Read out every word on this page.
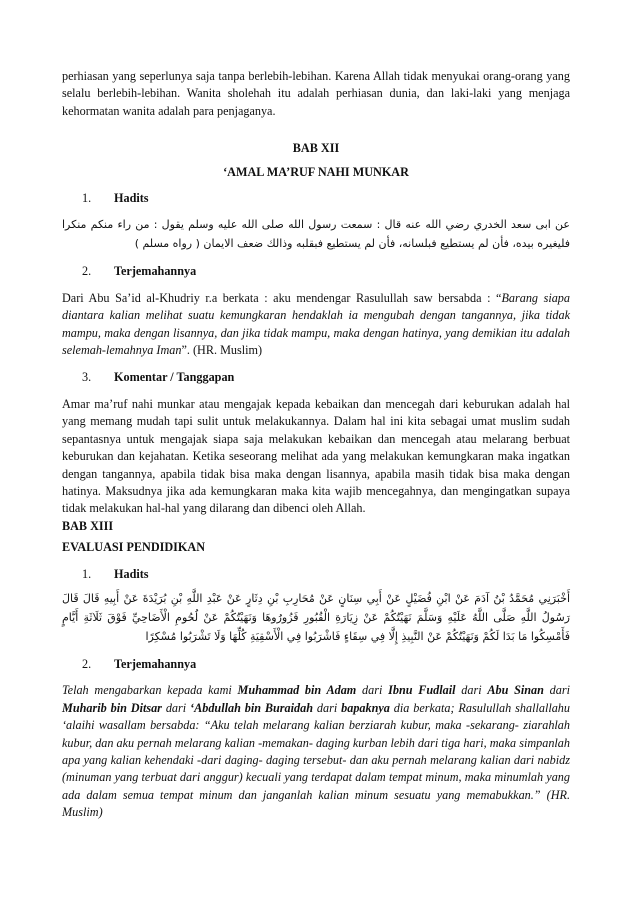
perhiasan yang seperlunya saja tanpa berlebih-lebihan. Karena Allah tidak menyukai orang-orang yang selalu berlebih-lebihan. Wanita sholehah itu adalah perhiasan dunia, dan laki-laki yang menjaga kehormatan wanita adalah para penjaganya.

BAB XII

‘AMAL MA’RUF NAHI MUNKAR

1.	Hadits

عن ابى سعد الخدري رضي الله عنه قال : سمعت رسول الله صلى الله عليه وسلم يقول : من راء منكم منكرا فليغيره بيده، فأن لم يستطيع فبلسانه، فأن لم يستطيع فبقلبه وذالك ضعف الايمان ( رواه مسلم )

2.	Terjemahannya

Dari Abu Sa’id al-Khudriy r.a berkata : aku mendengar Rasulullah saw bersabda : “Barang siapa diantara kalian melihat suatu kemungkaran hendaklah ia mengubah dengan tangannya, jika tidak mampu, maka dengan lisannya, dan jika tidak mampu, maka dengan hatinya, yang demikian itu adalah selemah-lemahnya Iman”. (HR. Muslim)

3.	Komentar / Tanggapan

Amar ma’ruf nahi munkar atau mengajak kepada kebaikan dan mencegah dari keburukan adalah hal yang memang mudah tapi sulit untuk melakukannya. Dalam hal ini kita sebagai umat muslim sudah sepantasnya untuk mengajak siapa saja melakukan kebaikan dan mencegah atau melarang berbuat keburukan dan kejahatan. Ketika seseorang melihat ada yang melakukan kemungkaran maka ingatkan dengan tangannya, apabila tidak bisa maka dengan lisannya, apabila masih tidak bisa maka dengan hatinya. Maksudnya jika ada kemungkaran maka kita wajib mencegahnya, dan mengingatkan supaya tidak melakukan hal-hal yang dilarang dan dibenci oleh Allah.

BAB XIII

EVALUASI PENDIDIKAN

1.	Hadits

أَخْبَرَنِي مُحَمَّدُ بْنُ آدَمَ عَنْ ابْنِ فُضَيْلٍ عَنْ أَبِي سِنَانٍ عَنْ مُحَارِبِ بْنِ دِثَارٍ عَنْ عَبْدِ اللَّهِ بْنِ بُرَيْدَةَ عَنْ أَبِيهِ قَالَ قَالَ رَسُولُ اللَّهِ صَلَّى اللَّهُ عَلَيْهِ وَسَلَّمَ نَهَيْتُكُمْ عَنْ زِيَارَةِ الْقُبُورِ فَزُورُوهَا وَنَهَيْتُكُمْ عَنْ لُحُومِ الْأَضَاحِيِّ فَوْقَ ثَلَاثَةِ أَيَّامٍ فَأَمْسِكُوا مَا بَدَا لَكُمْ وَنَهَيْتُكُمْ عَنْ النَّبِيذِ إِلَّا فِي سِقَاءٍ فَاشْرَبُوا فِي الْأَسْقِيَةِ كُلِّهَا وَلَا تَشْرَبُوا مُسْكِرًا

2.	Terjemahannya

Telah mengabarkan kepada kami Muhammad bin Adam dari Ibnu Fudlail dari Abu Sinan dari Muharib bin Ditsar dari ‘Abdullah bin Buraidah dari bapaknya dia berkata; Rasulullah shallallahu ‘alaihi wasallam bersabda: “Aku telah melarang kalian berziarah kubur, maka -sekarang- ziarahlah kubur, dan aku pernah melarang kalian -memakan- daging kurban lebih dari tiga hari, maka simpanlah apa yang kalian kehendaki -dari daging- daging tersebut- dan aku pernah melarang kalian dari nabidz (minuman yang terbuat dari anggur) kecuali yang terdapat dalam tempat minum, maka minumlah yang ada dalam semua tempat minum dan janganlah kalian minum sesuatu yang memabukkan.” (HR. Muslim)
